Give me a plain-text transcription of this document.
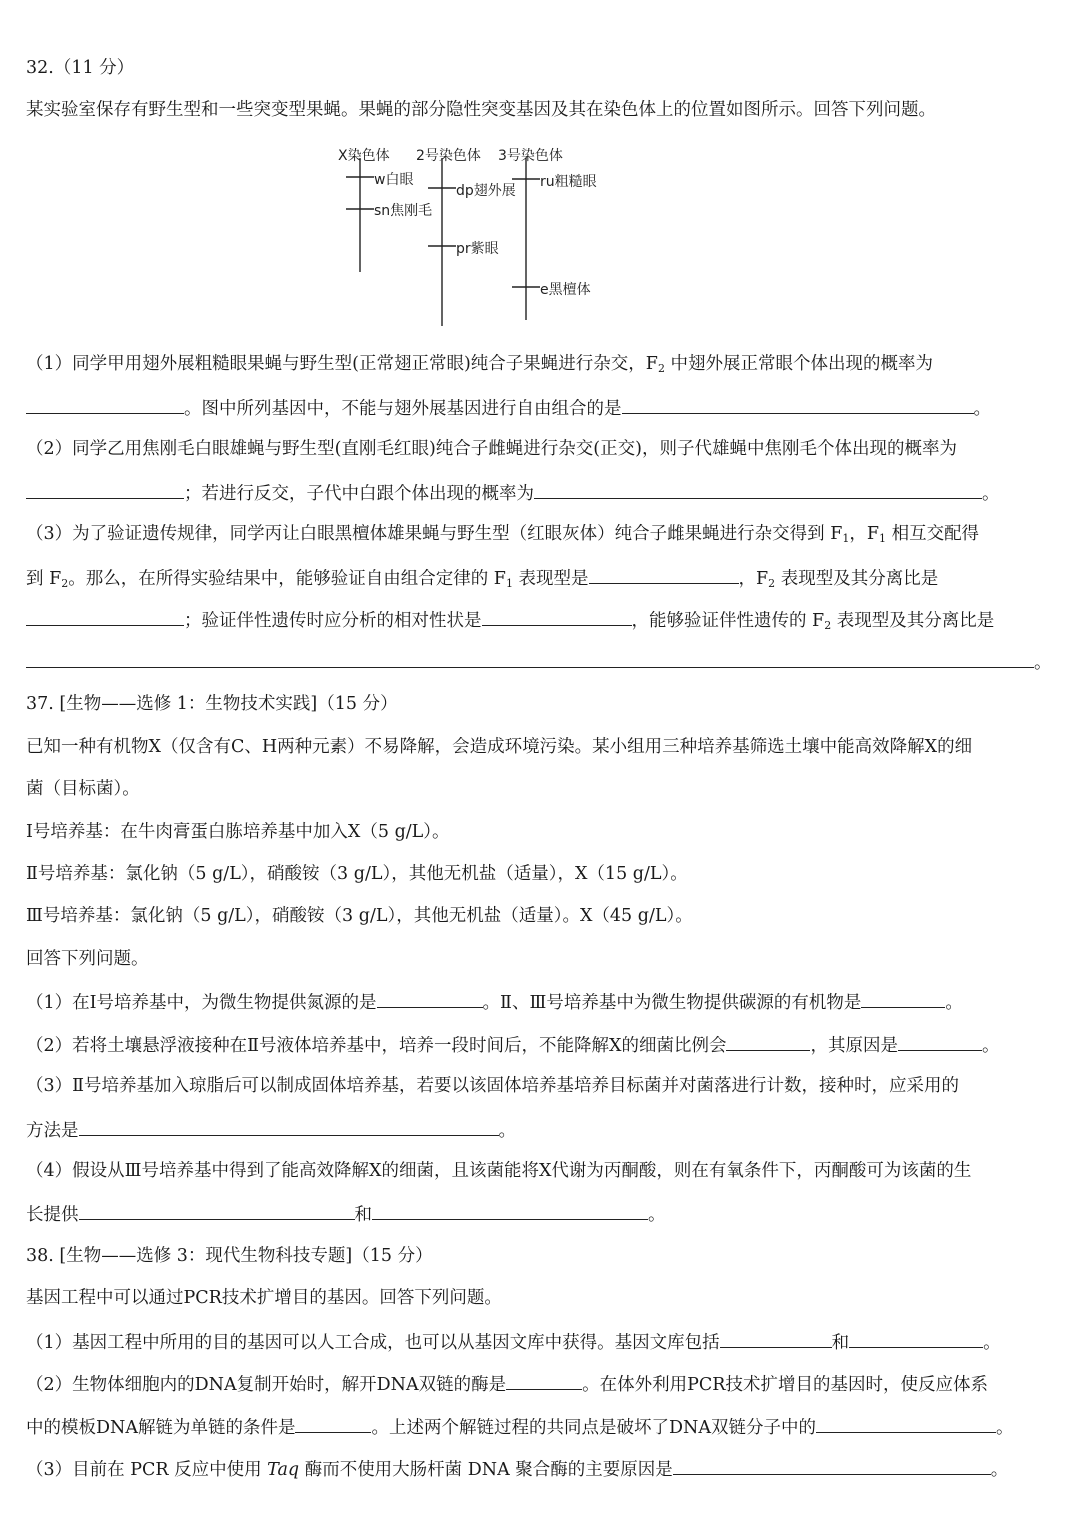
32.（11 分）
某实验室保存有野生型和一些突变型果蝇。果蝇的部分隐性突变基因及其在染色体上的位置如图所示。回答下列问题。
X染色体 2号染色体 3号染色体
w白眼
sn焦刚毛
dp翅外展
pr紫眼
ru粗糙眼
e黑檀体
（1）同学甲用翅外展粗糙眼果蝇与野生型(正常翅正常眼)纯合子果蝇进行杂交，$F_2$ 中翅外展正常眼个体出现的概率为
。图中所列基因中，不能与翅外展基因进行自由组合的是	。
（2）同学乙用焦刚毛白眼雄蝇与野生型(直刚毛红眼)纯合子雌蝇进行杂交(正交)，则子代雄蝇中焦刚毛个体出现的概率为
；若进行反交，子代中白跟个体出现的概率为	。
（3）为了验证遗传规律，同学丙让白眼黑檀体雄果蝇与野生型（红眼灰体）纯合子雌果蝇进行杂交得到 $F_1$，$F_1$ 相互交配得
到 $F_2$。那么，在所得实验结果中，能够验证自由组合定律的 $F_1$ 表现型是	，$F_2$ 表现型及其分离比是
；验证伴性遗传时应分析的相对性状是	，能够验证伴性遗传的 $F_2$ 表现型及其分离比是
。
37. [生物——选修 1：生物技术实践]（15 分）
已知一种有机物X（仅含有C、H两种元素）不易降解，会造成环境污染。某小组用三种培养基筛选土壤中能高效降解X的细
菌（目标菌）。
Ⅰ号培养基：在牛肉膏蛋白胨培养基中加入X（5 g/L）。
Ⅱ号培养基：氯化钠（5 g/L），硝酸铵（3 g/L），其他无机盐（适量），X（15 g/L）。
Ⅲ号培养基：氯化钠（5 g/L），硝酸铵（3 g/L），其他无机盐（适量）。X（45 g/L）。
回答下列问题。
（1）在Ⅰ号培养基中，为微生物提供氮源的是	。Ⅱ、Ⅲ号培养基中为微生物提供碳源的有机物是	。
（2）若将土壤悬浮液接种在Ⅱ号液体培养基中，培养一段时间后，不能降解X的细菌比例会	，其原因是	。
（3）Ⅱ号培养基加入琼脂后可以制成固体培养基，若要以该固体培养基培养目标菌并对菌落进行计数，接种时，应采用的
方法是	。
（4）假设从Ⅲ号培养基中得到了能高效降解X的细菌，且该菌能将X代谢为丙酮酸，则在有氧条件下，丙酮酸可为该菌的生
长提供	和	。
38. [生物——选修 3：现代生物科技专题]（15 分）
基因工程中可以通过PCR技术扩增目的基因。回答下列问题。
（1）基因工程中所用的目的基因可以人工合成，也可以从基因文库中获得。基因文库包括	和	。
（2）生物体细胞内的DNA复制开始时，解开DNA双链的酶是	。在体外利用PCR技术扩增目的基因时，使反应体系
中的模板DNA解链为单链的条件是	。上述两个解链过程的共同点是破坏了DNA双链分子中的	。
（3）目前在 PCR 反应中使用 Taq 酶而不使用大肠杆菌 DNA 聚合酶的主要原因是	。
